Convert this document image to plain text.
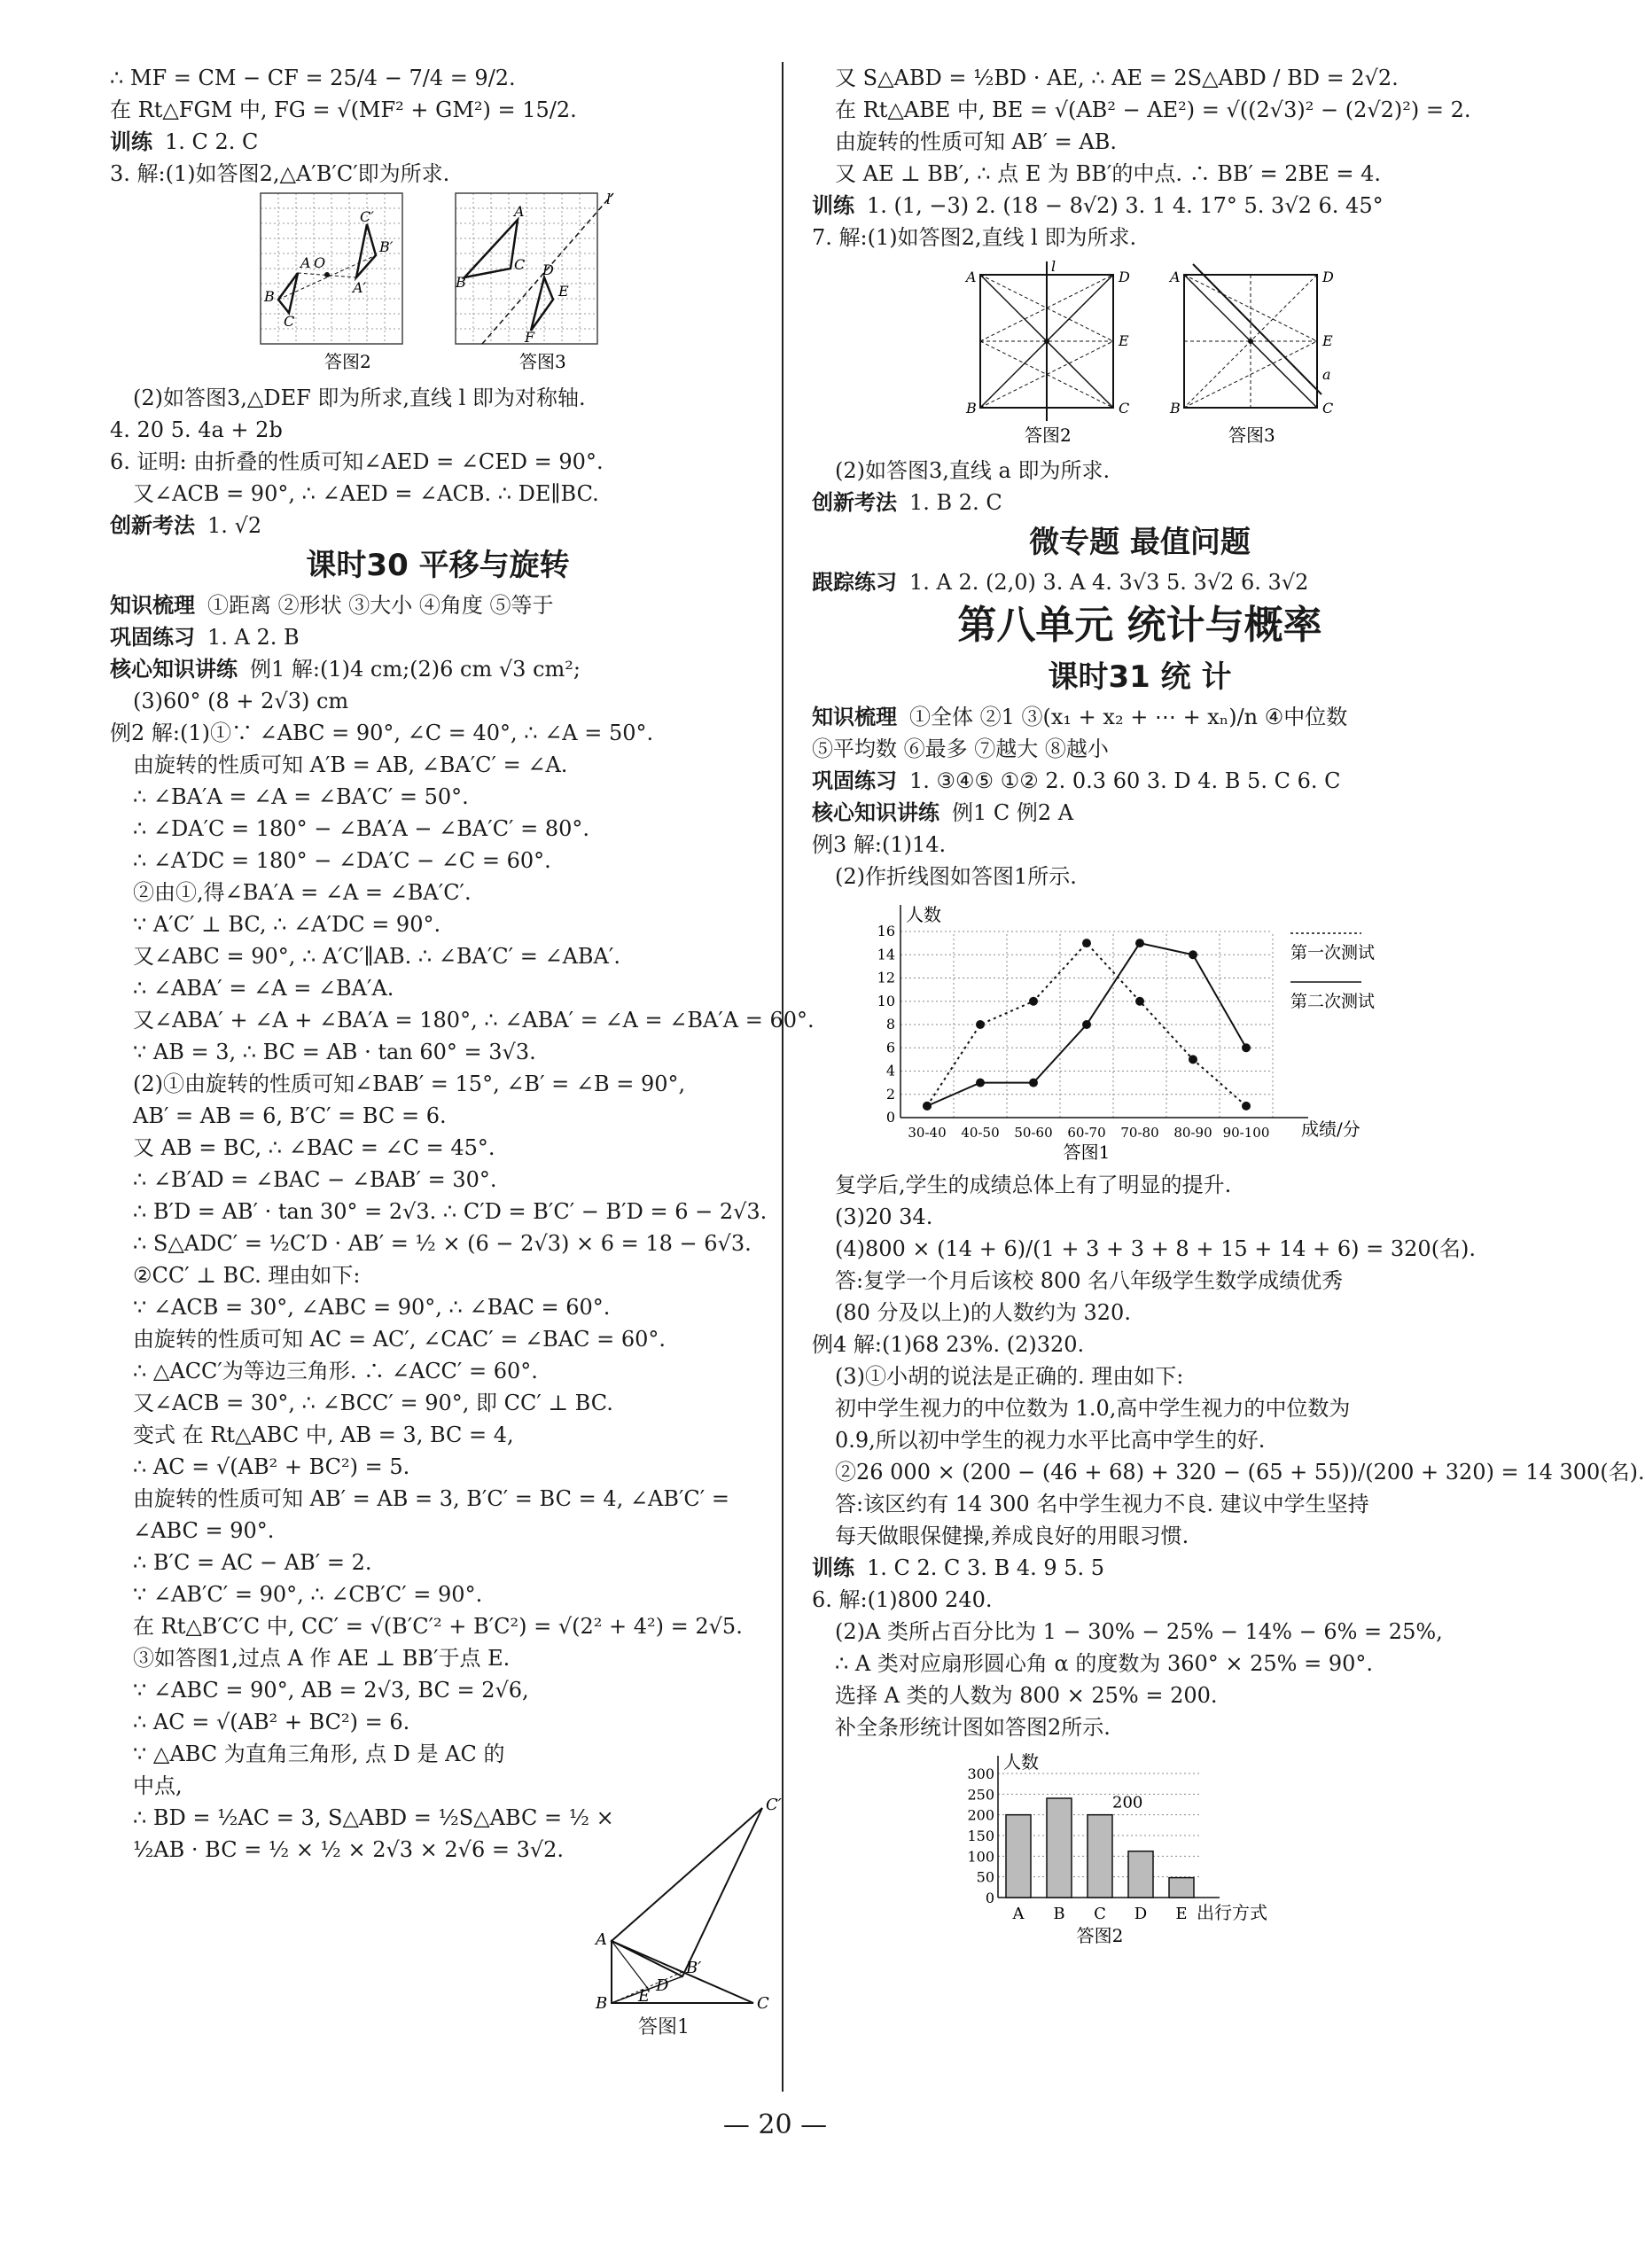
∴ MF = CM − CF = 25/4 − 7/4 = 9/2.
在 Rt△FGM 中, FG = √(MF² + GM²) = 15/2.
训练 1. C 2. C
3. 解:(1)如答图2,△A′B′C′即为所求.
A O
B
C
C′
B′
A′
答图2
A
B
C D
E
F
l
答图3
(2)如答图3,△DEF 即为所求,直线 l 即为对称轴.
4. 20 5. 4a + 2b
6. 证明: 由折叠的性质可知∠AED = ∠CED = 90°.
又∠ACB = 90°, ∴ ∠AED = ∠ACB. ∴ DE∥BC.
创新考法 1. √2
课时30 平移与旋转
知识梳理 ①距离 ②形状 ③大小 ④角度 ⑤等于
巩固练习 1. A 2. B
核心知识讲练 例1 解:(1)4 cm;(2)6 cm √3 cm²;
(3)60° (8 + 2√3) cm
例2 解:(1)①∵ ∠ABC = 90°, ∠C = 40°, ∴ ∠A = 50°.
由旋转的性质可知 A′B = AB, ∠BA′C′ = ∠A.
∴ ∠BA′A = ∠A = ∠BA′C′ = 50°.
∴ ∠DA′C = 180° − ∠BA′A − ∠BA′C′ = 80°.
∴ ∠A′DC = 180° − ∠DA′C − ∠C = 60°.
②由①,得∠BA′A = ∠A = ∠BA′C′.
∵ A′C′ ⊥ BC, ∴ ∠A′DC = 90°.
又∠ABC = 90°, ∴ A′C′∥AB. ∴ ∠BA′C′ = ∠ABA′.
∴ ∠ABA′ = ∠A = ∠BA′A.
又∠ABA′ + ∠A + ∠BA′A = 180°, ∴ ∠ABA′ = ∠A = ∠BA′A = 60°.
∵ AB = 3, ∴ BC = AB · tan 60° = 3√3.
(2)①由旋转的性质可知∠BAB′ = 15°, ∠B′ = ∠B = 90°,
AB′ = AB = 6, B′C′ = BC = 6.
又 AB = BC, ∴ ∠BAC = ∠C = 45°.
∴ ∠B′AD = ∠BAC − ∠BAB′ = 30°.
∴ B′D = AB′ · tan 30° = 2√3. ∴ C′D = B′C′ − B′D = 6 − 2√3.
∴ S△ADC′ = ½C′D · AB′ = ½ × (6 − 2√3) × 6 = 18 − 6√3.
②CC′ ⊥ BC. 理由如下:
∵ ∠ACB = 30°, ∠ABC = 90°, ∴ ∠BAC = 60°.
由旋转的性质可知 AC = AC′, ∠CAC′ = ∠BAC = 60°.
∴ △ACC′为等边三角形. ∴ ∠ACC′ = 60°.
又∠ACB = 30°, ∴ ∠BCC′ = 90°, 即 CC′ ⊥ BC.
变式 在 Rt△ABC 中, AB = 3, BC = 4,
∴ AC = √(AB² + BC²) = 5.
由旋转的性质可知 AB′ = AB = 3, B′C′ = BC = 4, ∠AB′C′ =
∠ABC = 90°.
∴ B′C = AC − AB′ = 2.
∵ ∠AB′C′ = 90°, ∴ ∠CB′C′ = 90°.
在 Rt△B′C′C 中, CC′ = √(B′C′² + B′C²) = √(2² + 4²) = 2√5.
③如答图1,过点 A 作 AE ⊥ BB′于点 E.
∵ ∠ABC = 90°, AB = 2√3, BC = 2√6,
∴ AC = √(AB² + BC²) = 6.
∵ △ABC 为直角三角形, 点 D 是 AC 的
中点,
∴ BD = ½AC = 3, S△ABD = ½S△ABC = ½ ×
½AB · BC = ½ × ½ × 2√3 × 2√6 = 3√2.
又 S△ABD = ½BD · AE, ∴ AE = 2S△ABD / BD = 2√2.
在 Rt△ABE 中, BE = √(AB² − AE²) = √((2√3)² − (2√2)²) = 2.
由旋转的性质可知 AB′ = AB.
又 AE ⊥ BB′, ∴ 点 E 为 BB′的中点. ∴ BB′ = 2BE = 4.
训练 1. (1, −3) 2. (18 − 8√2) 3. 1 4. 17° 5. 3√2 6. 45°
7. 解:(1)如答图2,直线 l 即为所求.
A	D
E
B	C
l
答图2
A	D
E
a
B	C
答图3
(2)如答图3,直线 a 即为所求.
创新考法 1. B 2. C
微专题 最值问题
跟踪练习 1. A 2. (2,0) 3. A 4. 3√3 5. 3√2 6. 3√2
第八单元 统计与概率
课时31 统 计
知识梳理 ①全体 ②1 ③(x₁ + x₂ + ⋯ + xₙ)/n ④中位数
⑤平均数 ⑥最多 ⑦越大 ⑧越小
巩固练习 1. ③④⑤ ①② 2. 0.3 60 3. D 4. B 5. C 6. C
核心知识讲练 例1 C 例2 A
例3 解:(1)14.
(2)作折线图如答图1所示.
0
2
4
6
8
10
12
14
16
人数
成绩/分
30-40 40-50 50-60 60-70 70-80 80-90 90-100
第一次测试
第二次测试
答图1
复学后,学生的成绩总体上有了明显的提升.
(3)20 34.
(4)800 × (14 + 6)/(1 + 3 + 3 + 8 + 15 + 14 + 6) = 320(名).
答:复学一个月后该校 800 名八年级学生数学成绩优秀
(80 分及以上)的人数约为 320.
例4 解:(1)68 23%. (2)320.
(3)①小胡的说法是正确的. 理由如下:
初中学生视力的中位数为 1.0,高中学生视力的中位数为
0.9,所以初中学生的视力水平比高中学生的好.
②26 000 × (200 − (46 + 68) + 320 − (65 + 55))/(200 + 320) = 14 300(名).
答:该区约有 14 300 名中学生视力不良. 建议中学生坚持
每天做眼保健操,养成良好的用眼习惯.
训练 1. C 2. C 3. B 4. 9 5. 5
6. 解:(1)800 240.
(2)A 类所占百分比为 1 − 30% − 25% − 14% − 6% = 25%,
∴ A 类对应扇形圆心角 α 的度数为 360° × 25% = 90°.
选择 A 类的人数为 800 × 25% = 200.
补全条形统计图如答图2所示.
0
50
100
150
200
250
300
人数
出行方式
A B C D E
200
答图2
— 20 —
A
B	C
C′
B′
D
E
答图1
